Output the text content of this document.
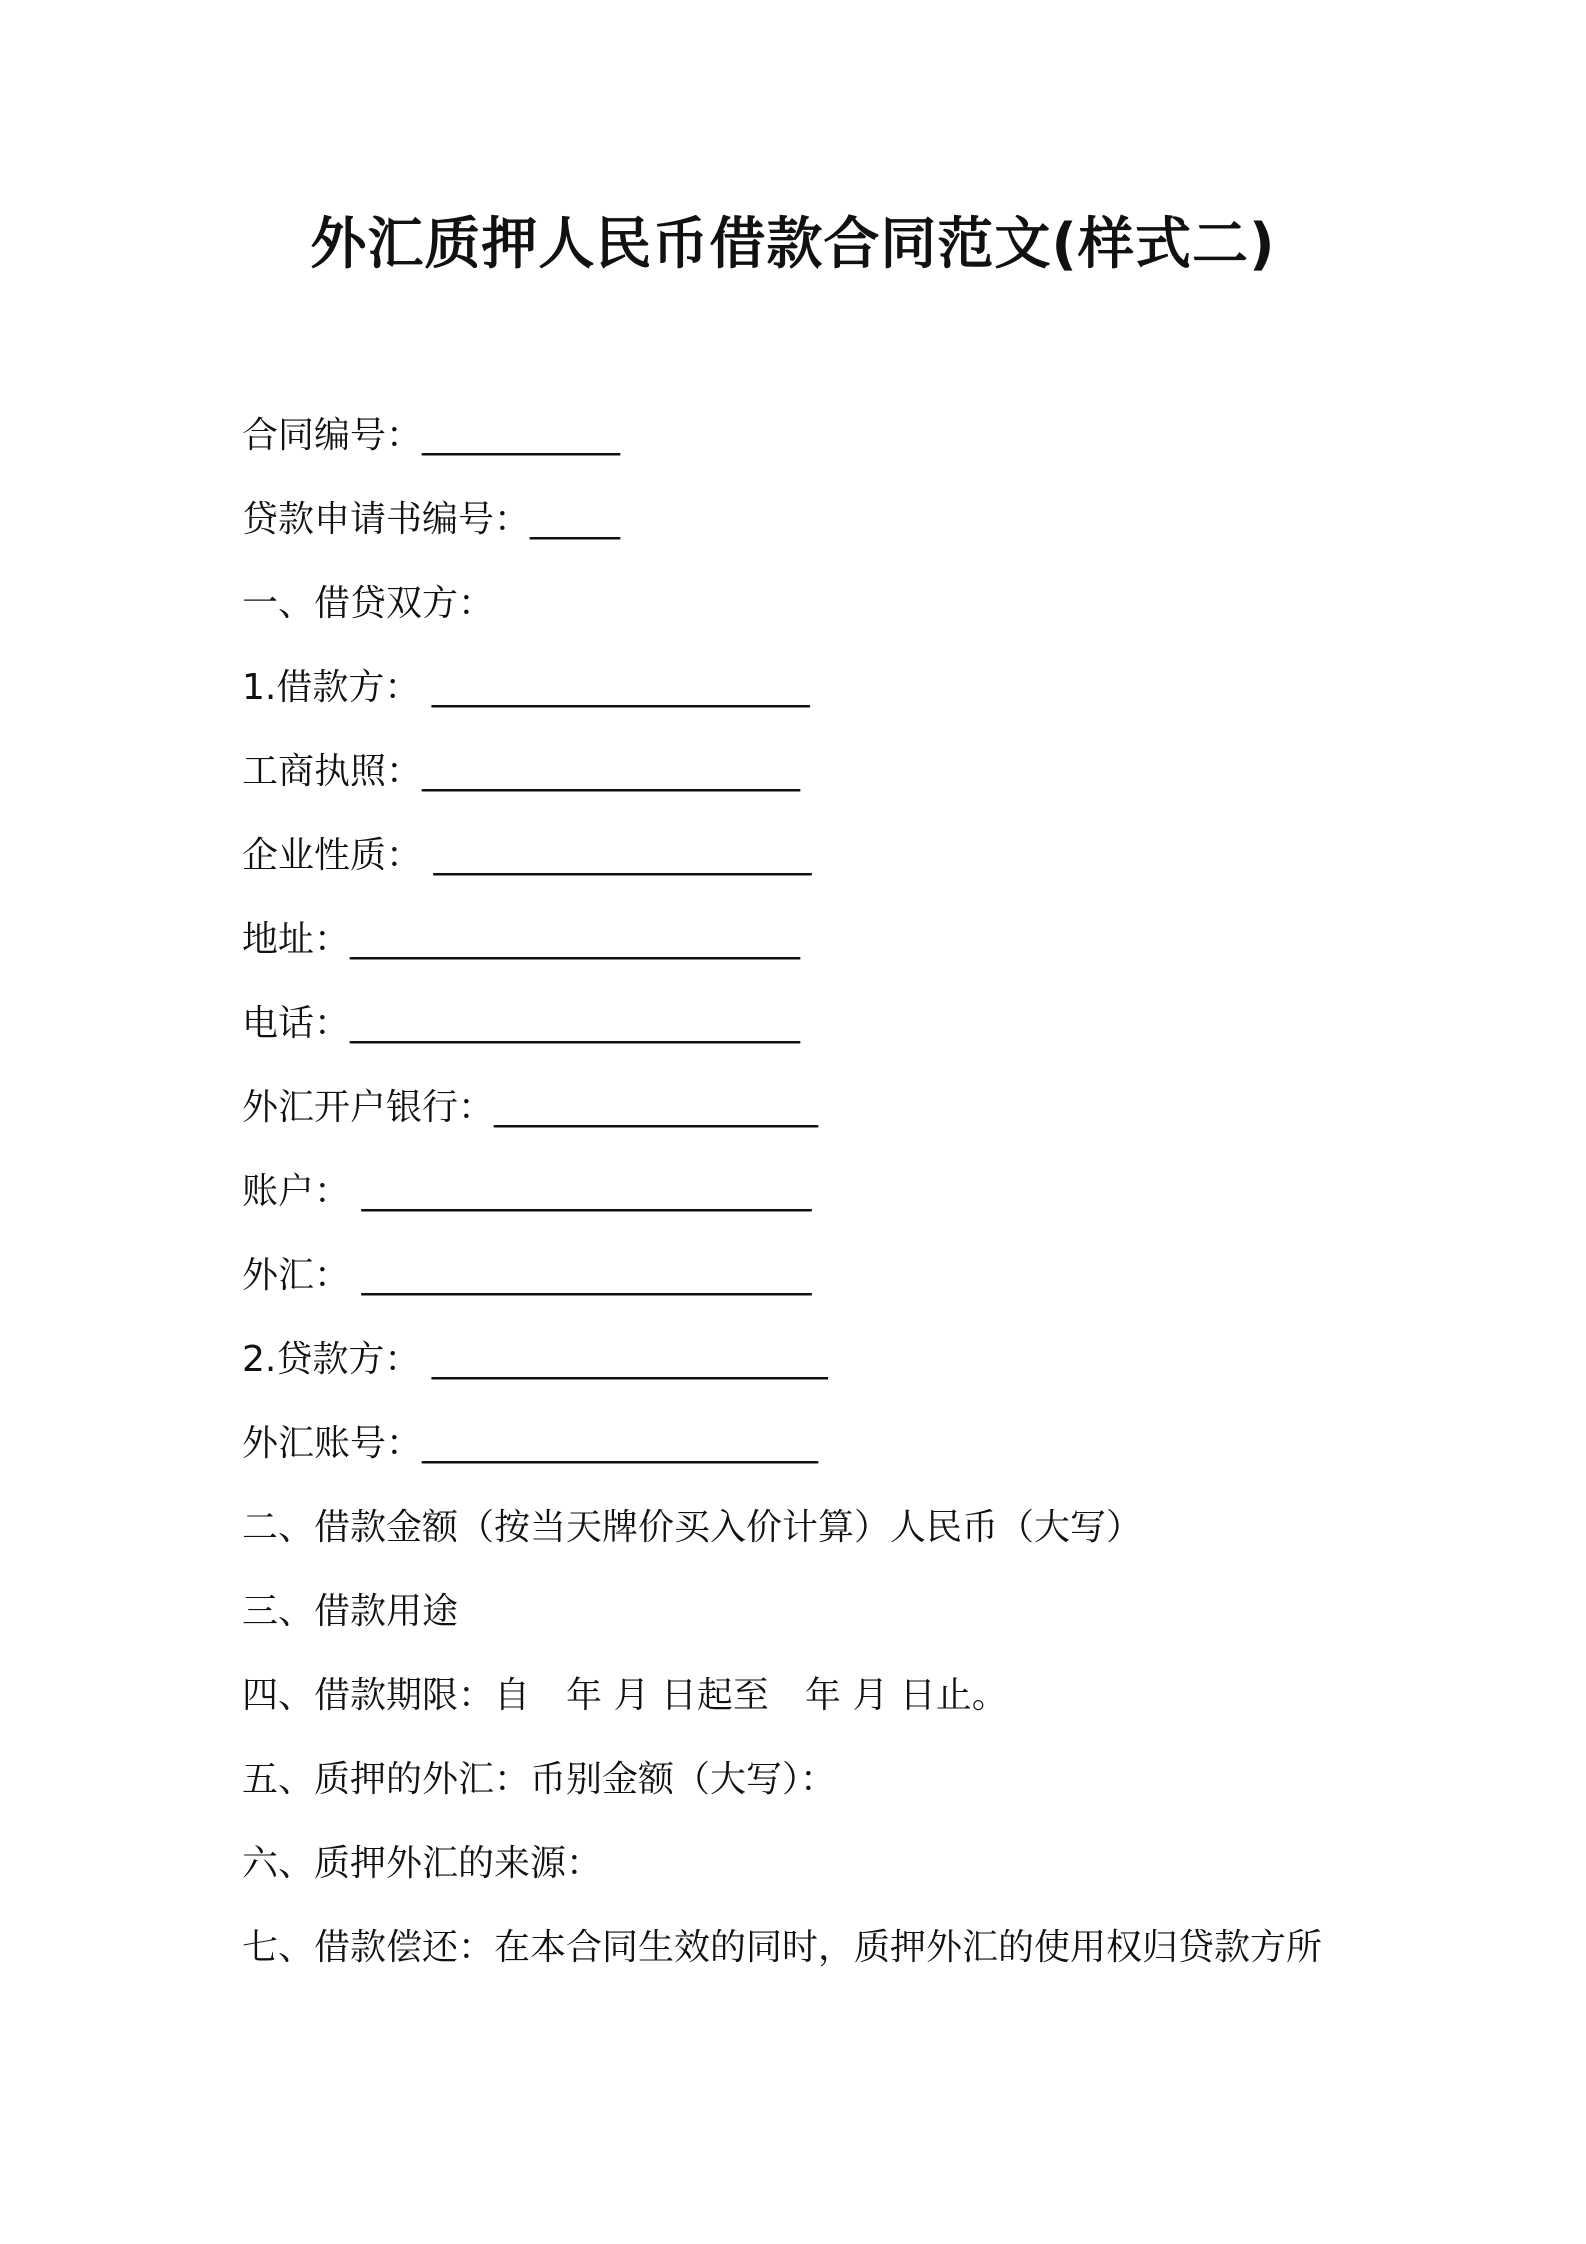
外汇质押人民币借款合同范文(样式二)
合同编号：___________
贷款申请书编号：_____
一、借贷双方：
1.借款方： _____________________
工商执照：_____________________
企业性质： _____________________
地址：_________________________
电话：_________________________
外汇开户银行：__________________
账户： _________________________
外汇： _________________________
2.贷款方： ______________________
外汇账号：______________________
二、借款金额（按当天牌价买入价计算）人民币（大写）
三、借款用途
四、借款期限：自　年 月 日起至　年 月 日止。
五、质押的外汇：币别金额（大写）：
六、质押外汇的来源：
七、借款偿还：在本合同生效的同时，质押外汇的使用权归贷款方所
